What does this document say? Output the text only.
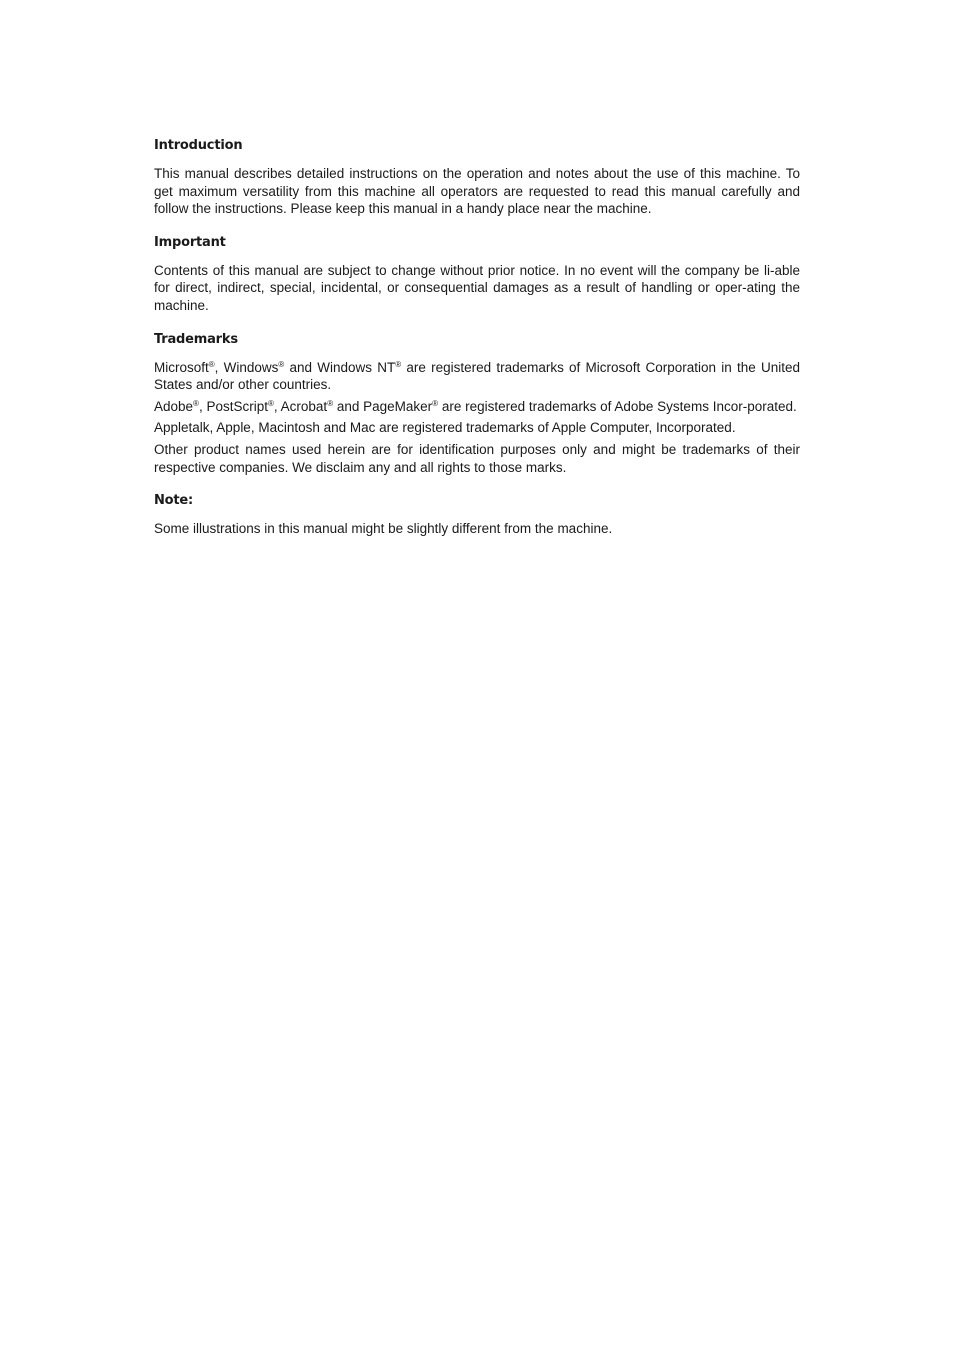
Introduction

This manual describes detailed instructions on the operation and notes about the use of this machine. To get maximum versatility from this machine all operators are requested to read this manual carefully and follow the instructions. Please keep this manual in a handy place near the machine.

Important

Contents of this manual are subject to change without prior notice. In no event will the company be li-able for direct, indirect, special, incidental, or consequential damages as a result of handling or oper-ating the machine.

Trademarks

Microsoft®, Windows® and Windows NT® are registered trademarks of Microsoft Corporation in the United States and/or other countries.

Adobe®, PostScript®, Acrobat® and PageMaker® are registered trademarks of Adobe Systems Incor-porated.

Appletalk, Apple, Macintosh and Mac are registered trademarks of Apple Computer, Incorporated.

Other product names used herein are for identification purposes only and might be trademarks of their respective companies. We disclaim any and all rights to those marks.

Note:

Some illustrations in this manual might be slightly different from the machine.
